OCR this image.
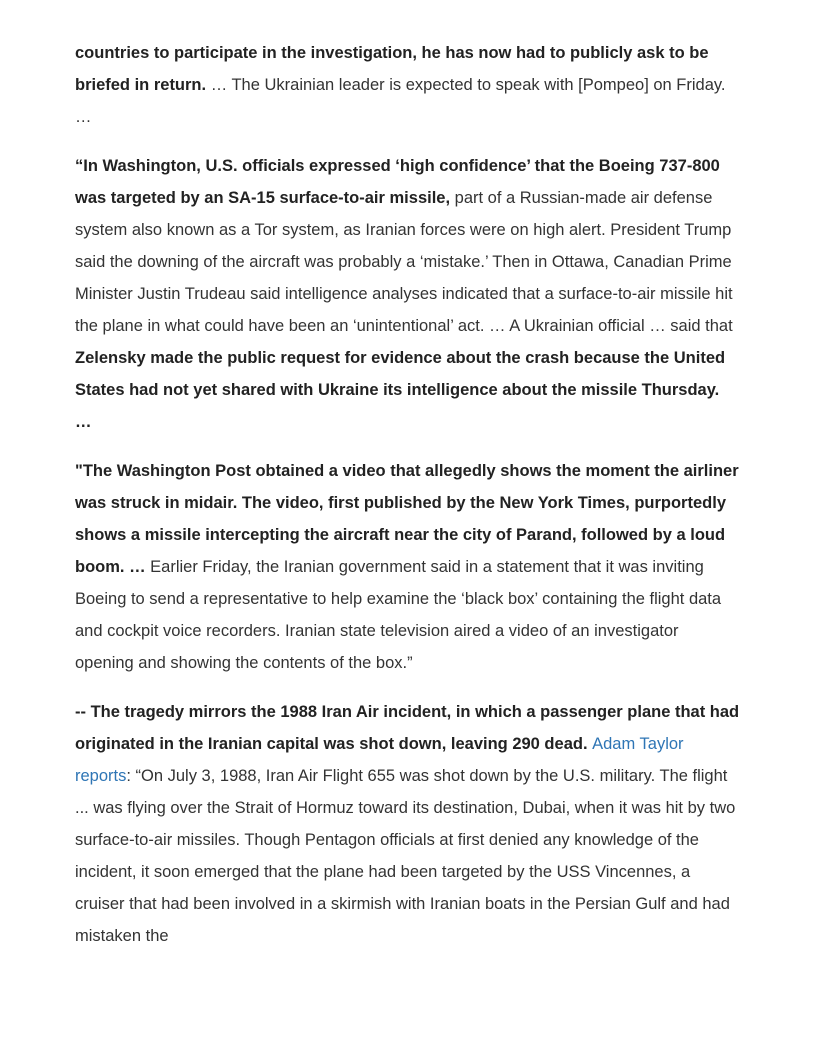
countries to participate in the investigation, he has now had to publicly ask to be briefed in return. … The Ukrainian leader is expected to speak with [Pompeo] on Friday. …

“In Washington, U.S. officials expressed ‘high confidence’ that the Boeing 737-800 was targeted by an SA-15 surface-to-air missile, part of a Russian-made air defense system also known as a Tor system, as Iranian forces were on high alert. President Trump said the downing of the aircraft was probably a ‘mistake.’ Then in Ottawa, Canadian Prime Minister Justin Trudeau said intelligence analyses indicated that a surface-to-air missile hit the plane in what could have been an ‘unintentional’ act. … A Ukrainian official … said that Zelensky made the public request for evidence about the crash because the United States had not yet shared with Ukraine its intelligence about the missile Thursday. …

"The Washington Post obtained a video that allegedly shows the moment the airliner was struck in midair. The video, first published by the New York Times, purportedly shows a missile intercepting the aircraft near the city of Parand, followed by a loud boom. … Earlier Friday, the Iranian government said in a statement that it was inviting Boeing to send a representative to help examine the ‘black box’ containing the flight data and cockpit voice recorders. Iranian state television aired a video of an investigator opening and showing the contents of the box.”

-- The tragedy mirrors the 1988 Iran Air incident, in which a passenger plane that had originated in the Iranian capital was shot down, leaving 290 dead. Adam Taylor reports: “On July 3, 1988, Iran Air Flight 655 was shot down by the U.S. military. The flight ... was flying over the Strait of Hormuz toward its destination, Dubai, when it was hit by two surface-to-air missiles. Though Pentagon officials at first denied any knowledge of the incident, it soon emerged that the plane had been targeted by the USS Vincennes, a cruiser that had been involved in a skirmish with Iranian boats in the Persian Gulf and had mistaken the
